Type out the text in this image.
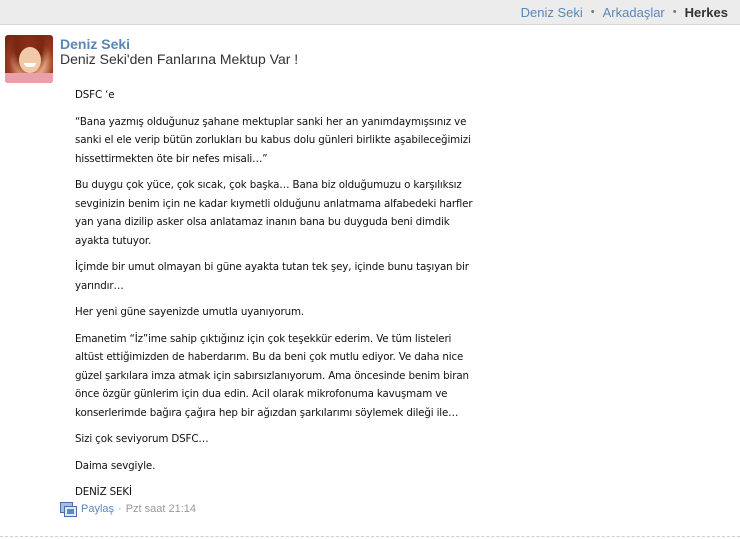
Deniz Seki • Arkadaşlar • Herkes
Deniz Seki
Deniz Seki'den Fanlarına Mektup Var !

DSFC ‘e

“Bana yazmış olduğunuz şahane mektuplar sanki her an yanımdaymışsınız ve sanki el ele verip bütün zorlukları bu kabus dolu günleri birlikte aşabileceğimizi hissettirmekten öte bir nefes misali…”

Bu duygu çok yüce, çok sıcak, çok başka… Bana biz olduğumuzu o karşılıksız sevginizin benim için ne kadar kıymetli olduğunu anlatmama alfabedeki harfler yan yana dizilip asker olsa anlatamaz inanın bana bu duyguda beni dimdik ayakta tutuyor.

İçimde bir umut olmayan bi güne ayakta tutan tek şey, içinde bunu taşıyan bir yarındır…

Her yeni güne sayenizde umutla uyanıyorum.

Emanetim “İz”ime sahip çıktığınız için çok teşekkür ederim. Ve tüm listeleri altüst ettiğimizden de haberdarım. Bu da beni çok mutlu ediyor. Ve daha nice güzel şarkılara imza atmak için sabırsızlanıyorum. Ama öncesinde benim biran önce özgür günlerim için dua edin. Acil olarak mikrofonuma kavuşmam ve konserlerimde bağıra çağıra hep bir ağızdan şarkılarımı söylemek dileği ile…

Sizi çok seviyorum DSFC…

Daima sevgiyle.

DENİZ SEKİ

Paylaş · Pzt saat 21:14
